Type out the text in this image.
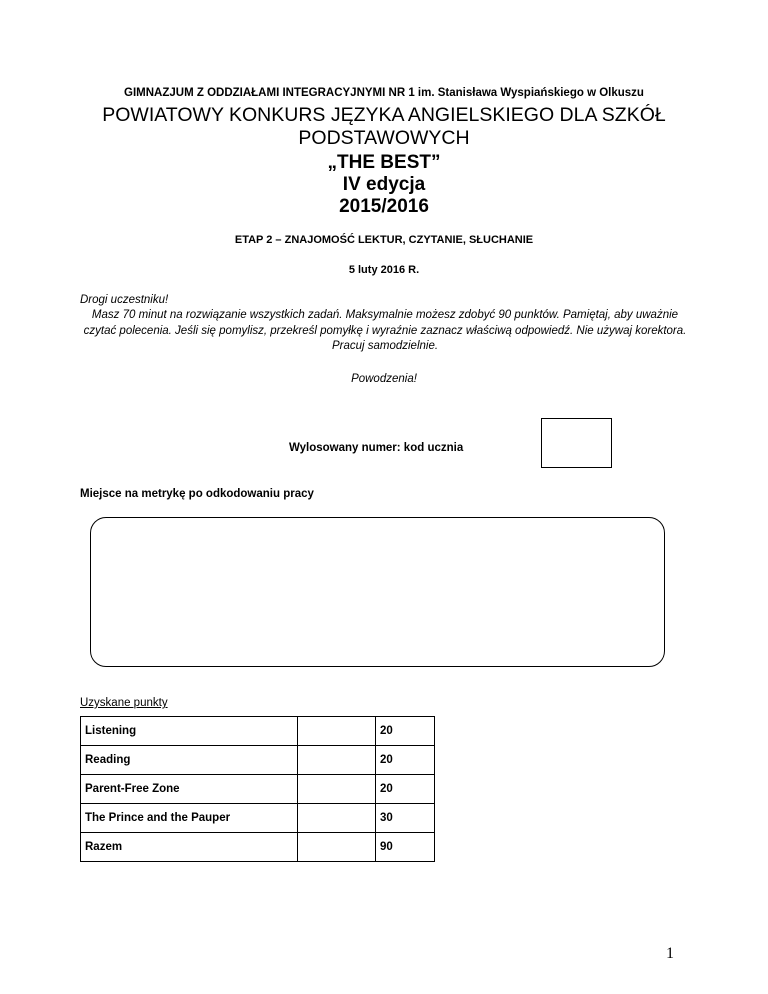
GIMNAZJUM Z ODDZIAŁAMI INTEGRACYJNYMI NR 1 im. Stanisława Wyspiańskiego w Olkuszu
POWIATOWY KONKURS JĘZYKA ANGIELSKIEGO DLA SZKÓŁ
PODSTAWOWYCH
„THE BEST”
IV edycja
2015/2016
ETAP 2 – ZNAJOMOŚĆ LEKTUR, CZYTANIE, SŁUCHANIE
5 luty 2016 R.
Drogi uczestniku!
Masz 70 minut na rozwiązanie wszystkich zadań. Maksymalnie możesz zdobyć 90 punktów. Pamiętaj, aby uważnie czytać polecenia. Jeśli się pomylisz, przekreśl pomyłkę i wyraźnie zaznacz właściwą odpowiedź. Nie używaj korektora. Pracuj samodzielnie.
Powodzenia!
Wylosowany numer: kod ucznia
Miejsce na metrykę po odkodowaniu pracy
Uzyskane punkty
Listening		20
Reading		20
Parent-Free Zone		20
The Prince and the Pauper		30
Razem		90
1
